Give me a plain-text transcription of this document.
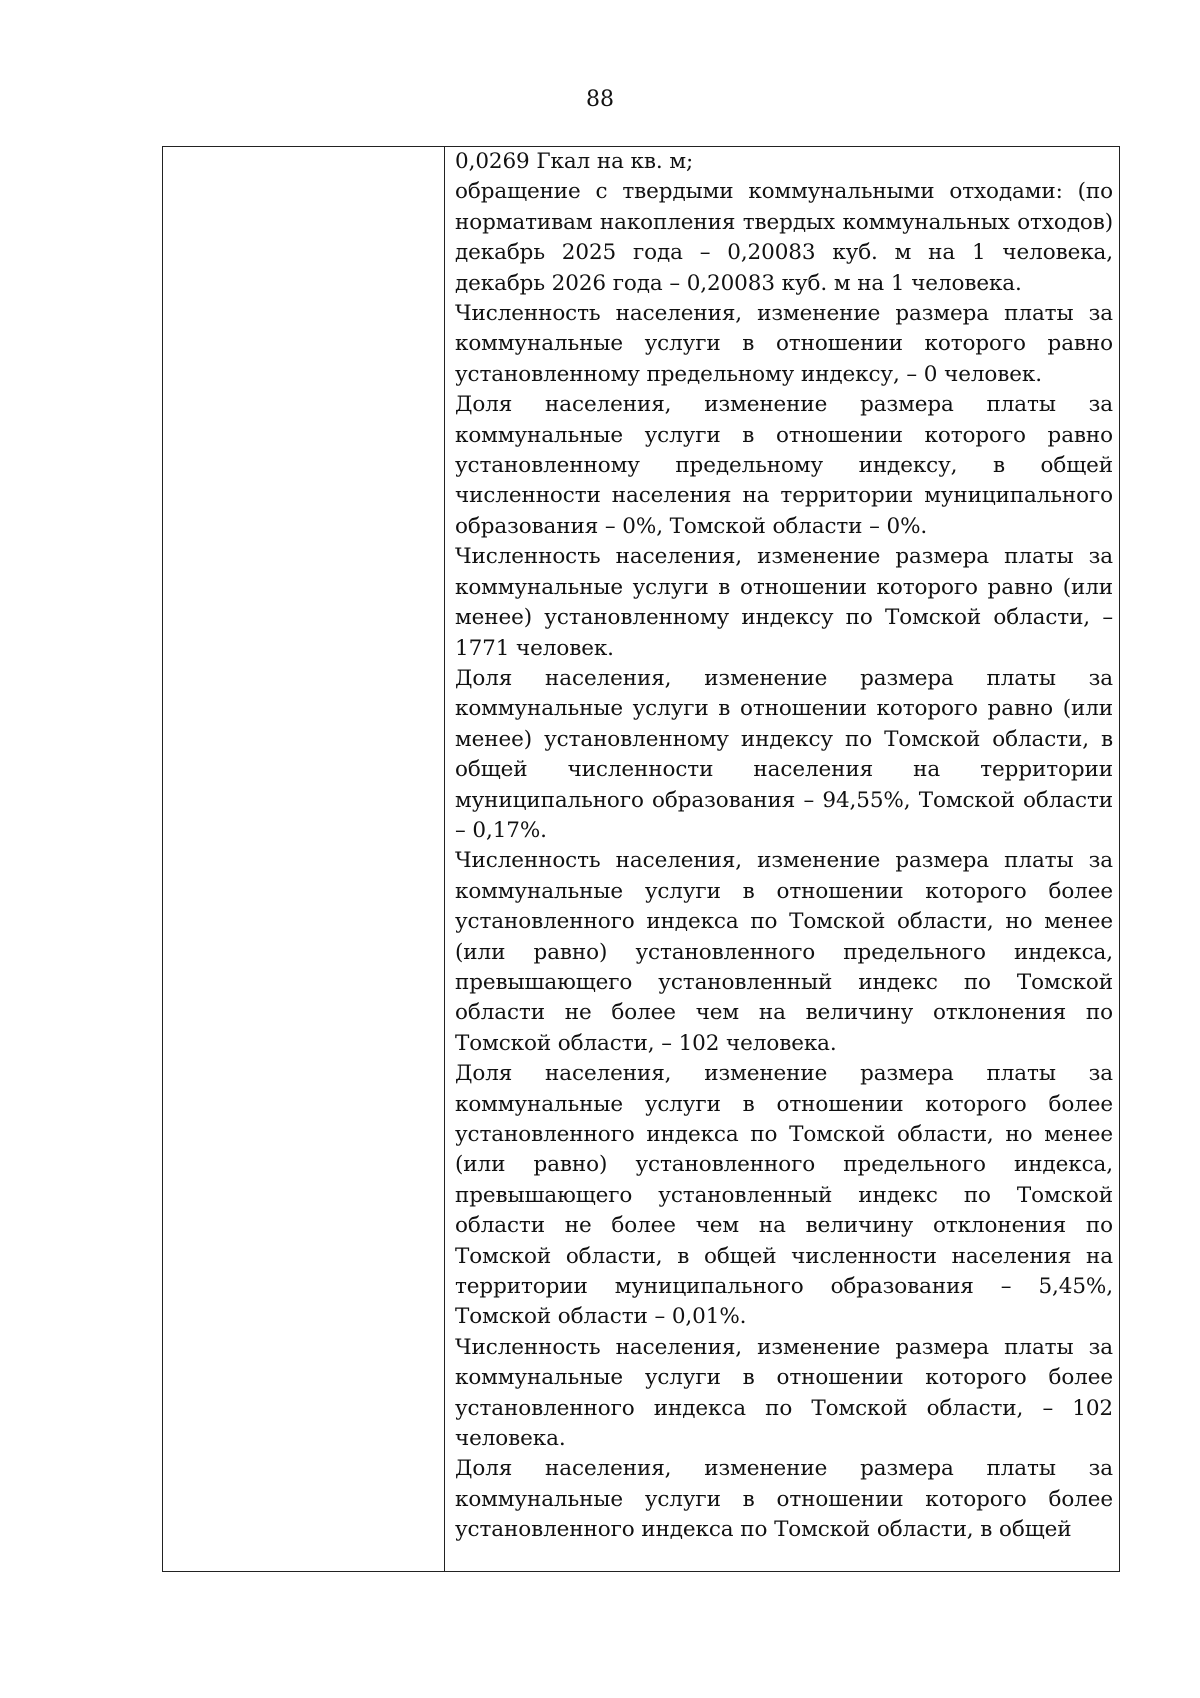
88

0,0269 Гкал на кв. м;

обращение с твердыми коммунальными отходами: (по нормативам накопления твердых коммунальных отходов) декабрь 2025 года – 0,20083 куб. м на 1 человека, декабрь 2026 года – 0,20083 куб. м на 1 человека.

Численность населения, изменение размера платы за коммунальные услуги в отношении которого равно установленному предельному индексу, – 0 человек.

Доля населения, изменение размера платы за коммунальные услуги в отношении которого равно установленному предельному индексу, в общей численности населения на территории муниципального образования – 0%, Томской области – 0%.

Численность населения, изменение размера платы за коммунальные услуги в отношении которого равно (или менее) установленному индексу по Томской области, – 1771 человек.

Доля населения, изменение размера платы за коммунальные услуги в отношении которого равно (или менее) установленному индексу по Томской области, в общей численности населения на территории муниципального образования – 94,55%, Томской области – 0,17%.

Численность населения, изменение размера платы за коммунальные услуги в отношении которого более установленного индекса по Томской области, но менее (или равно) установленного предельного индекса, превышающего установленный индекс по Томской области не более чем на величину отклонения по Томской области, – 102 человека.

Доля населения, изменение размера платы за коммунальные услуги в отношении которого более установленного индекса по Томской области, но менее (или равно) установленного предельного индекса, превышающего установленный индекс по Томской области не более чем на величину отклонения по Томской области, в общей численности населения на территории муниципального образования – 5,45%, Томской области – 0,01%.

Численность населения, изменение размера платы за коммунальные услуги в отношении которого более установленного индекса по Томской области, – 102 человека.

Доля населения, изменение размера платы за коммунальные услуги в отношении которого более установленного индекса по Томской области, в общей
